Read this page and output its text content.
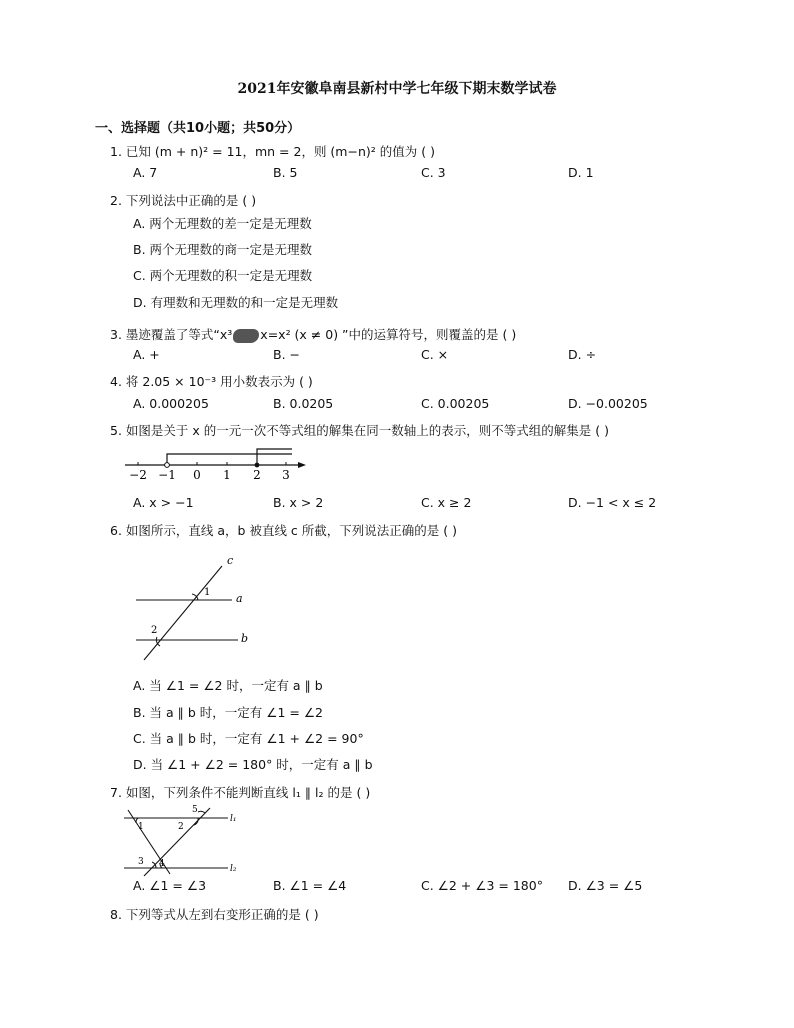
2021年安徽阜南县新村中学七年级下期末数学试卷
一、选择题（共10小题；共50分）
1. 已知 (m + n)² = 11，mn = 2，则 (m−n)² 的值为 ( )
A. 7	B. 5	C. 3	D. 1
2. 下列说法中正确的是 ( )
A. 两个无理数的差一定是无理数
B. 两个无理数的商一定是无理数
C. 两个无理数的积一定是无理数
D. 有理数和无理数的和一定是无理数
3. 墨迹覆盖了等式“x³ x=x² (x ≠ 0) ”中的运算符号，则覆盖的是 ( )
A. +	B. −	C. ×	D. ÷
4. 将 2.05 × 10⁻³ 用小数表示为 ( )
A. 0.000205	B. 0.0205	C. 0.00205	D. −0.00205
5. 如图是关于 x 的一元一次不等式组的解集在同一数轴上的表示，则不等式组的解集是 ( )
−2 −1 0 1 2 3
A. x > −1	B. x > 2	C. x ≥ 2	D. −1 < x ≤ 2
6. 如图所示，直线 a，b 被直线 c 所截，下列说法正确的是 ( )
c
a
b
1
2
A. 当 ∠1 = ∠2 时，一定有 a ∥ b
B. 当 a ∥ b 时，一定有 ∠1 = ∠2
C. 当 a ∥ b 时，一定有 ∠1 + ∠2 = 90°
D. 当 ∠1 + ∠2 = 180° 时，一定有 a ∥ b
7. 如图，下列条件不能判断直线 l₁ ∥ l₂ 的是 ( )
l₁
l₂
1	2
3 4
5
A. ∠1 = ∠3	B. ∠1 = ∠4	C. ∠2 + ∠3 = 180° D. ∠3 = ∠5
8. 下列等式从左到右变形正确的是 ( )
